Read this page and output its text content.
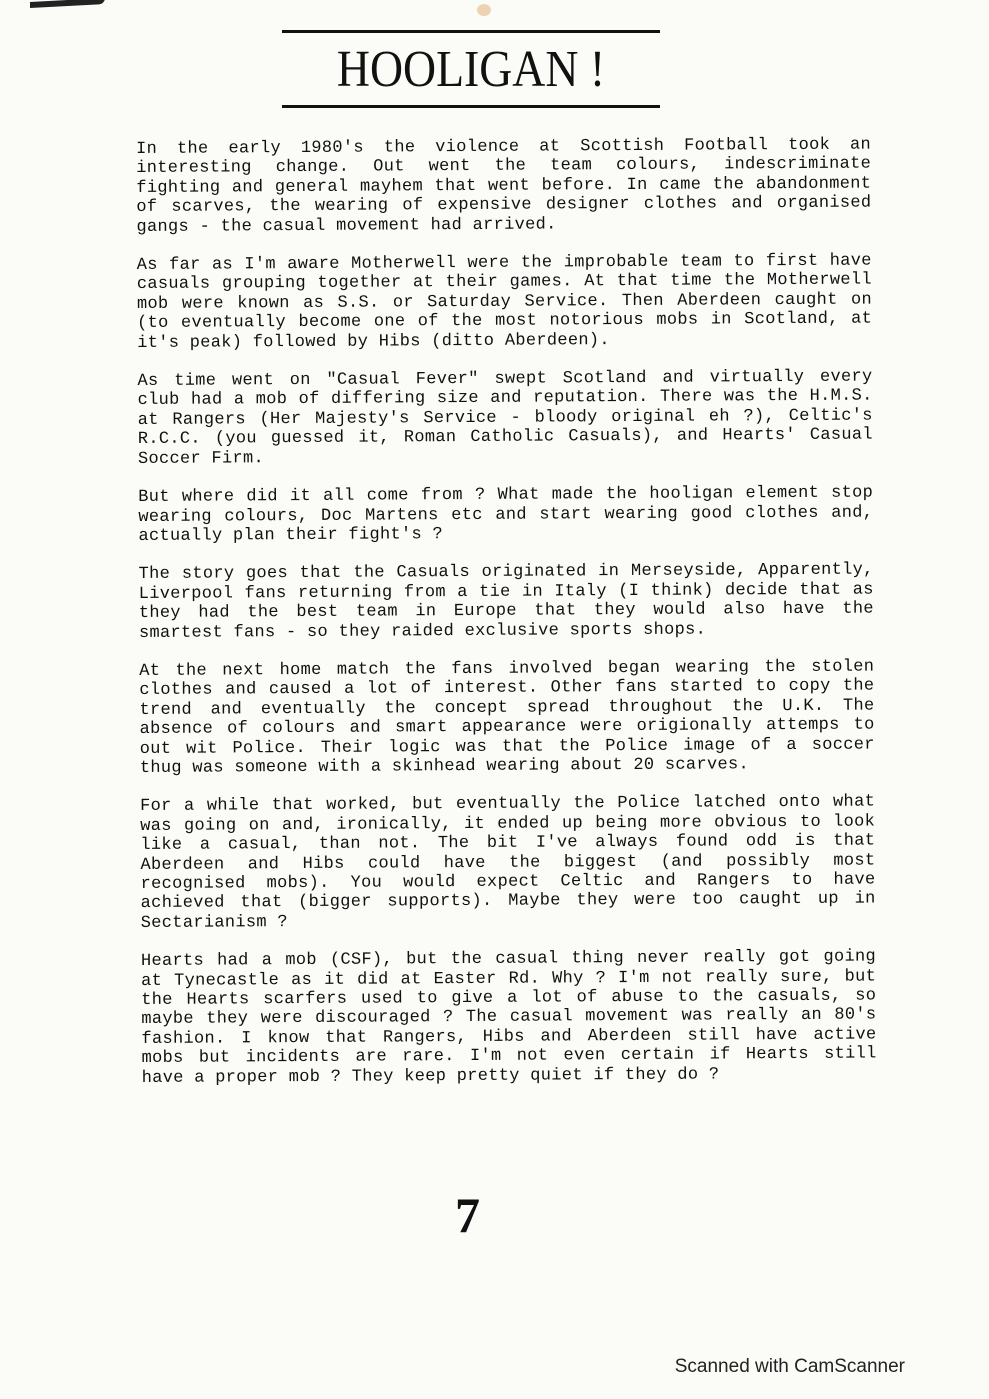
HOOLIGAN !

In the early 1980's the violence at Scottish Football took an interesting change. Out went the team colours, indescriminate fighting and general mayhem that went before. In came the abandonment of scarves, the wearing of expensive designer clothes and organised gangs - the casual movement had arrived.

As far as I'm aware Motherwell were the improbable team to first have casuals grouping together at their games. At that time the Motherwell mob were known as S.S. or Saturday Service. Then Aberdeen caught on (to eventually become one of the most notorious mobs in Scotland, at it's peak) followed by Hibs (ditto Aberdeen).

As time went on "Casual Fever" swept Scotland and virtually every club had a mob of differing size and reputation. There was the H.M.S. at Rangers (Her Majesty's Service - bloody original eh ?), Celtic's R.C.C. (you guessed it, Roman Catholic Casuals), and Hearts' Casual Soccer Firm.

But where did it all come from ? What made the hooligan element stop wearing colours, Doc Martens etc and start wearing good clothes and, actually plan their fight's ?

The story goes that the Casuals originated in Merseyside, Apparently, Liverpool fans returning from a tie in Italy (I think) decide that as they had the best team in Europe that they would also have the smartest fans - so they raided exclusive sports shops.

At the next home match the fans involved began wearing the stolen clothes and caused a lot of interest. Other fans started to copy the trend and eventually the concept spread throughout the U.K. The absence of colours and smart appearance were origionally attemps to out wit Police. Their logic was that the Police image of a soccer thug was someone with a skinhead wearing about 20 scarves.

For a while that worked, but eventually the Police latched onto what was going on and, ironically, it ended up being more obvious to look like a casual, than not. The bit I've always found odd is that Aberdeen and Hibs could have the biggest (and possibly most recognised mobs). You would expect Celtic and Rangers to have achieved that (bigger supports). Maybe they were too caught up in Sectarianism ?

Hearts had a mob (CSF), but the casual thing never really got going at Tynecastle as it did at Easter Rd. Why ? I'm not really sure, but the Hearts scarfers used to give a lot of abuse to the casuals, so maybe they were discouraged ? The casual movement was really an 80's fashion. I know that Rangers, Hibs and Aberdeen still have active mobs but incidents are rare. I'm not even certain if Hearts still have a proper mob ? They keep pretty quiet if they do ?

7
Scanned with CamScanner
